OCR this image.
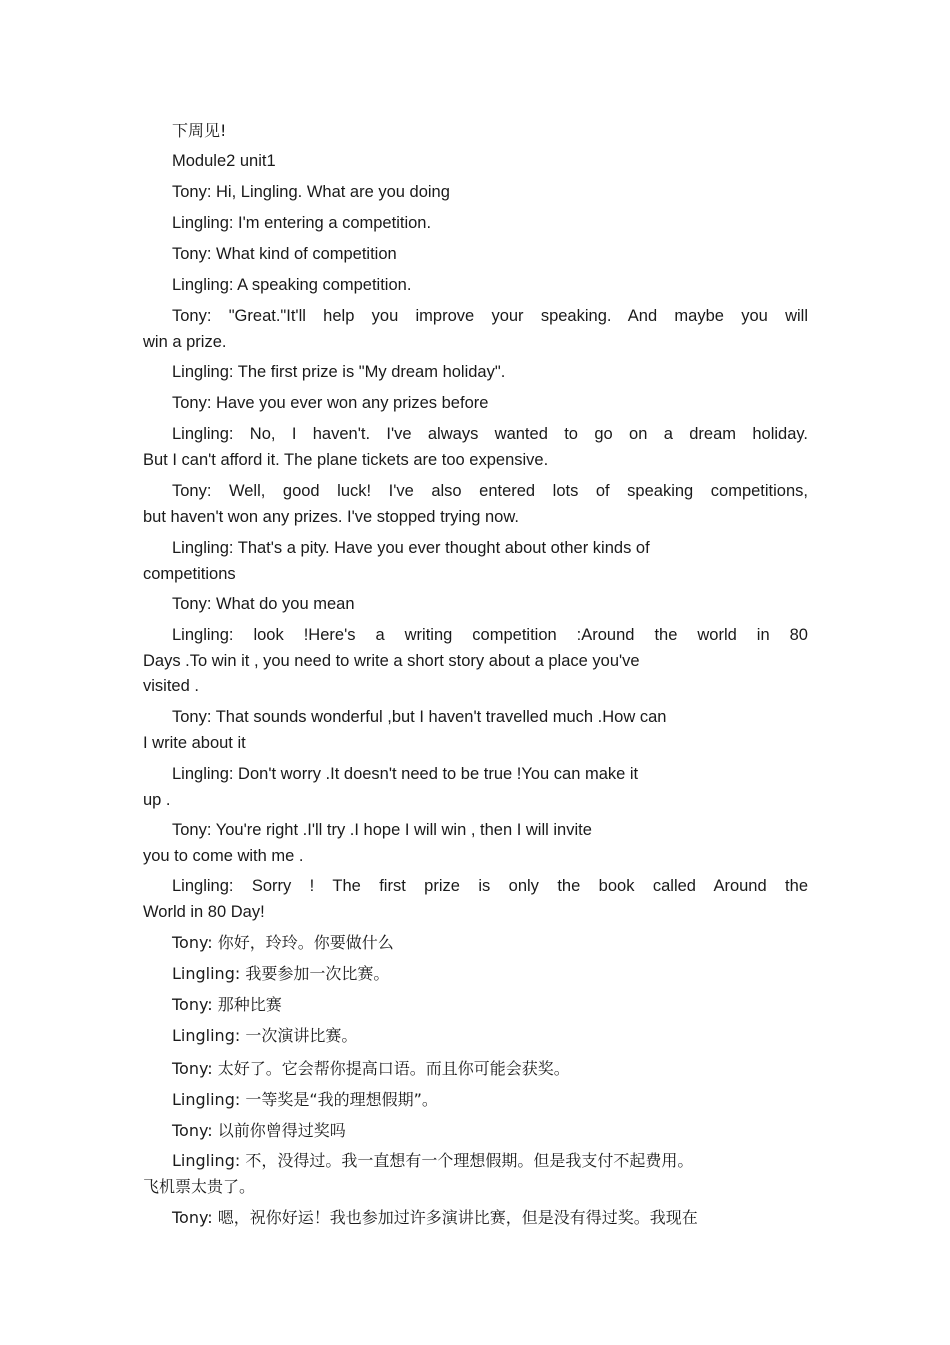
下周见!
Module2 unit1
Tony: Hi, Lingling. What are you doing
Lingling: I'm entering a competition.
Tony: What kind of competition
Lingling: A speaking competition.
Tony: "Great."It'll help you improve your speaking. And maybe you will
win a prize.
Lingling: The first prize is "My dream holiday".
Tony: Have you ever won any prizes before
Lingling: No, I haven't. I've always wanted to go on a dream holiday.
But I can't afford it. The plane tickets are too expensive.
Tony: Well, good luck! I've also entered lots of speaking competitions,
but haven't won any prizes. I've stopped trying now.
Lingling: That's a pity. Have you ever thought about other kinds of
competitions
Tony: What do you mean
Lingling: look !Here's a writing competition :Around the world in 80
Days .To win it , you need to write a short story about a place you've
visited .
Tony: That sounds wonderful ,but I haven't travelled much .How can
I write about it
Lingling: Don't worry .It doesn't need to be true !You can make it
up .
Tony: You're right .I'll try .I hope I will win , then I will invite
you to come with me .
Lingling: Sorry ! The first prize is only the book called Around the
World in 80 Day!
Tony: 你好，玲玲。你要做什么
Lingling: 我要参加一次比赛。
Tony: 那种比赛
Lingling: 一次演讲比赛。
Tony: 太好了。它会帮你提高口语。而且你可能会获奖。
Lingling: 一等奖是“我的理想假期”。
Tony: 以前你曾得过奖吗
Lingling: 不，没得过。我一直想有一个理想假期。但是我支付不起费用。
飞机票太贵了。
Tony: 嗯，祝你好运！我也参加过许多演讲比赛，但是没有得过奖。我现在
